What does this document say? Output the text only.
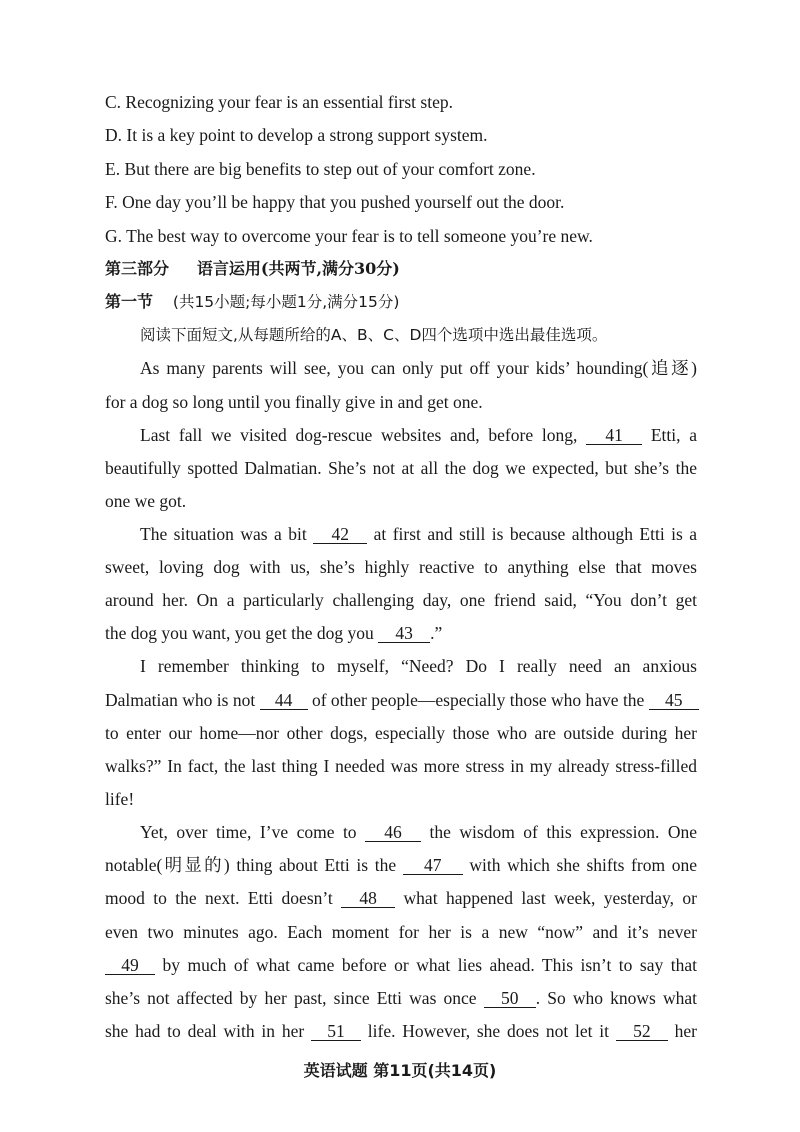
C. Recognizing your fear is an essential first step.
D. It is a key point to develop a strong support system.
E. But there are big benefits to step out of your comfort zone.
F. One day you’ll be happy that you pushed yourself out the door.
G. The best way to overcome your fear is to tell someone you’re new.
第三部分 语言运用(共两节,满分30分)
第一节 (共15小题;每小题1分,满分15分)
阅读下面短文,从每题所给的A、B、C、D四个选项中选出最佳选项。
As many parents will see, you can only put off your kids’ hounding(追逐)
for a dog so long until you finally give in and get one.
Last fall we visited dog-rescue websites and, before long, 41 Etti, a
beautifully spotted Dalmatian. She’s not at all the dog we expected, but she’s the
one we got.
The situation was a bit 42 at first and still is because although Etti is a
sweet, loving dog with us, she’s highly reactive to anything else that moves
around her. On a particularly challenging day, one friend said, “You don’t get
the dog you want, you get the dog you 43 .”
I remember thinking to myself, “Need? Do I really need an anxious
Dalmatian who is not 44 of other people—especially those who have the 45
to enter our home—nor other dogs, especially those who are outside during her
walks?” In fact, the last thing I needed was more stress in my already stress-filled
life!
Yet, over time, I’ve come to 46 the wisdom of this expression. One
notable(明显的) thing about Etti is the 47 with which she shifts from one
mood to the next. Etti doesn’t 48 what happened last week, yesterday, or
even two minutes ago. Each moment for her is a new “now” and it’s never
49 by much of what came before or what lies ahead. This isn’t to say that
she’s not affected by her past, since Etti was once 50 . So who knows what
she had to deal with in her 51 life. However, she does not let it 52 her
英语试题 第11页(共14页)
